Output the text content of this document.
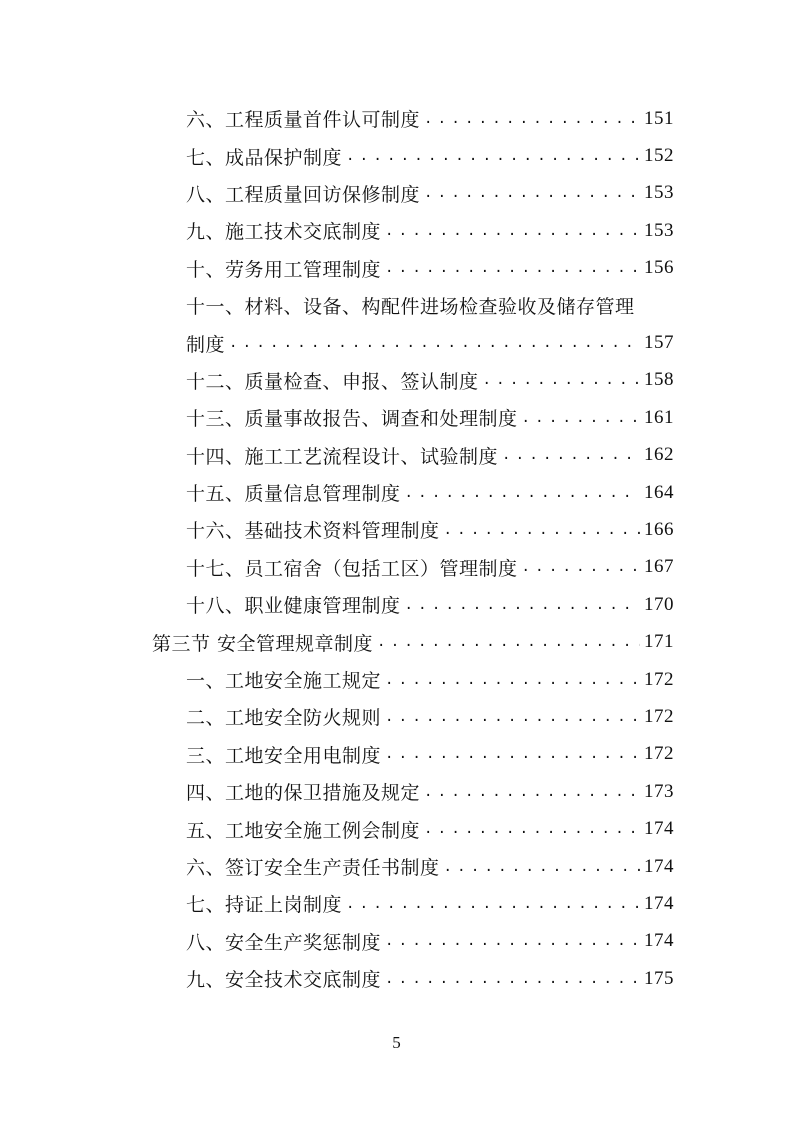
六、工程质量首件认可制度 . . .	151
七、成品保护制度 . . .	152
八、工程质量回访保修制度 . . .	153
九、施工技术交底制度 . . .	153
十、劳务用工管理制度 . . .	156
十一、材料、设备、构配件进场检查验收及储存管理
制度 . . .	157
十二、质量检查、申报、签认制度 . . .	158
十三、质量事故报告、调查和处理制度 . . .	161
十四、施工工艺流程设计、试验制度 . . .	162
十五、质量信息管理制度 . . .	164
十六、基础技术资料管理制度 . . .	166
十七、员工宿舍（包括工区）管理制度 . . .	167
十八、职业健康管理制度 . . .	170
第三节 安全管理规章制度 . . .	171
一、工地安全施工规定 . . .	172
二、工地安全防火规则 . . .	172
三、工地安全用电制度 . . .	172
四、工地的保卫措施及规定 . . .	173
五、工地安全施工例会制度 . . .	174
六、签订安全生产责任书制度 . . .	174
七、持证上岗制度 . . .	174
八、安全生产奖惩制度 . . .	174
九、安全技术交底制度 . . .	175
5
